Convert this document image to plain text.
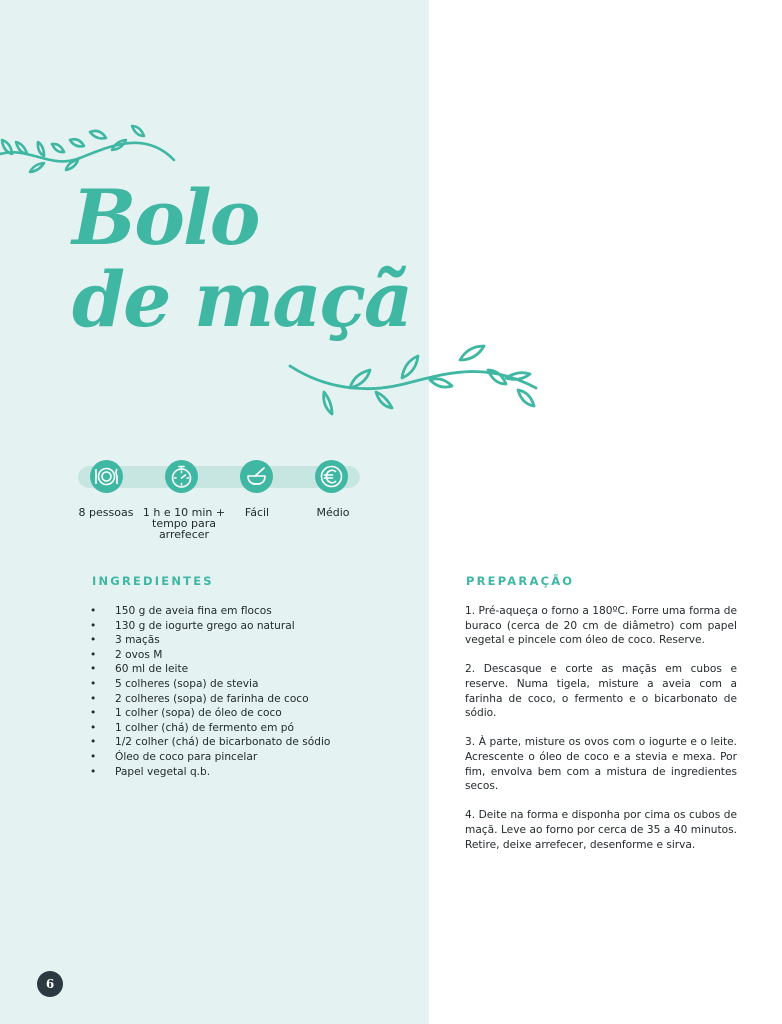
Bolo
de maçã
8 pessoas 1 h e 10 min + tempo para arrefecer
Fácil	Médio
INGREDIENTES
• 150 g de aveia fina em flocos
• 130 g de iogurte grego ao natural
• 3 maçãs
• 2 ovos M
• 60 ml de leite
• 5 colheres (sopa) de stevia
• 2 colheres (sopa) de farinha de coco
• 1 colher (sopa) de óleo de coco
• 1 colher (chá) de fermento em pó
• 1/2 colher (chá) de bicarbonato de sódio
• Óleo de coco para pincelar
• Papel vegetal q.b.
PREPARAÇÃO

1. Pré-aqueça o forno a 180ºC. Forre uma forma de buraco (cerca de 20 cm de diâmetro) com papel vegetal e pincele com óleo de coco. Reserve.

2. Descasque e corte as maçãs em cubos e reserve. Numa tigela, misture a aveia com a farinha de coco, o fermento e o bicarbonato de sódio.

3. À parte, misture os ovos com o iogurte e o leite. Acrescente o óleo de coco e a stevia e mexa. Por fim, envolva bem com a mistura de ingredientes secos.

4. Deite na forma e disponha por cima os cubos de maçã. Leve ao forno por cerca de 35 a 40 minutos. Retire, deixe arrefecer, desenforme e sirva.

6
